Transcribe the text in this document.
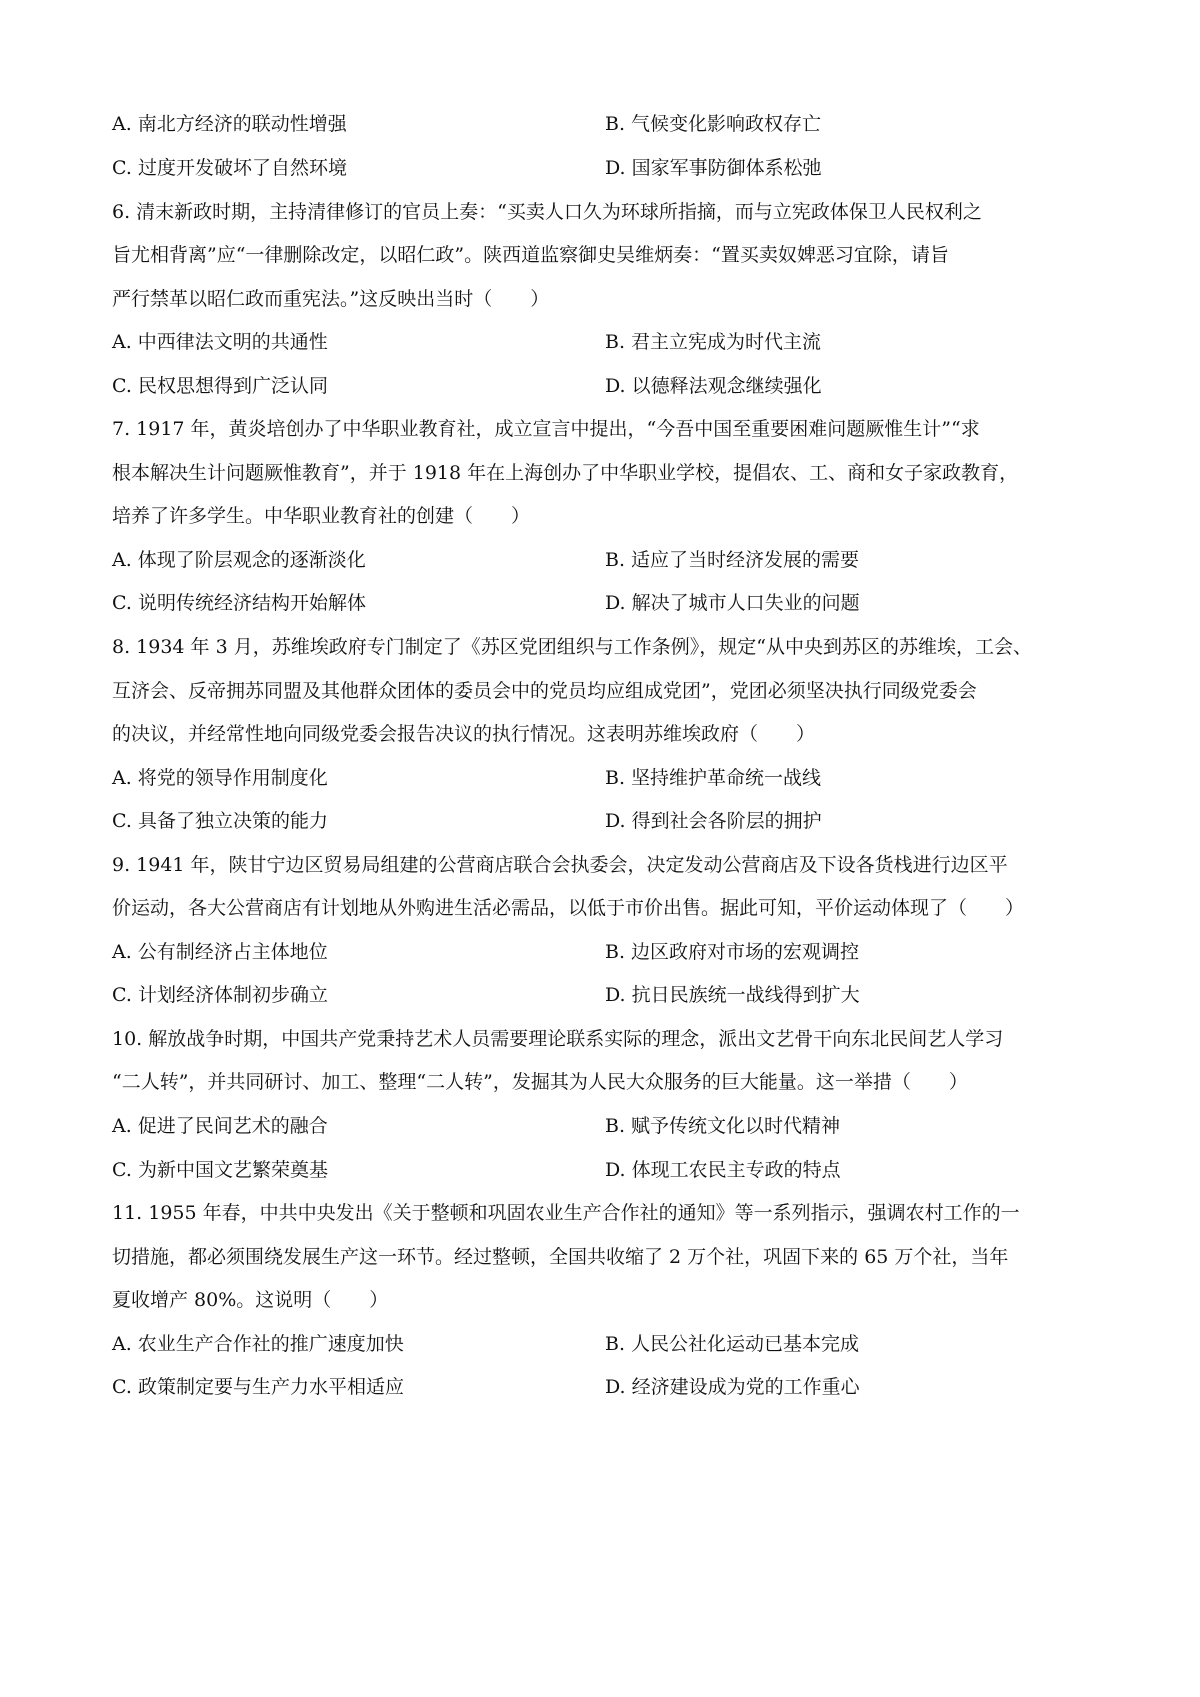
A. 南北方经济的联动性增强	B. 气候变化影响政权存亡
C. 过度开发破坏了自然环境	D. 国家军事防御体系松弛
6. 清末新政时期，主持清律修订的官员上奏：“买卖人口久为环球所指摘，而与立宪政体保卫人民权利之
旨尤相背离”应“一律删除改定，以昭仁政”。陕西道监察御史吴维炳奏：“置买卖奴婢恶习宜除，请旨
严行禁革以昭仁政而重宪法。”这反映出当时（　　）
A. 中西律法文明的共通性	B. 君主立宪成为时代主流
C. 民权思想得到广泛认同	D. 以德释法观念继续强化
7. 1917 年，黄炎培创办了中华职业教育社，成立宣言中提出，“今吾中国至重要困难问题厥惟生计”“求
根本解决生计问题厥惟教育”，并于 1918 年在上海创办了中华职业学校，提倡农、工、商和女子家政教育，
培养了许多学生。中华职业教育社的创建（　　）
A. 体现了阶层观念的逐渐淡化	B. 适应了当时经济发展的需要
C. 说明传统经济结构开始解体	D. 解决了城市人口失业的问题
8. 1934 年 3 月，苏维埃政府专门制定了《苏区党团组织与工作条例》，规定“从中央到苏区的苏维埃，工会、
互济会、反帝拥苏同盟及其他群众团体的委员会中的党员均应组成党团”，党团必须坚决执行同级党委会
的决议，并经常性地向同级党委会报告决议的执行情况。这表明苏维埃政府（　　）
A. 将党的领导作用制度化	B. 坚持维护革命统一战线
C. 具备了独立决策的能力	D. 得到社会各阶层的拥护
9. 1941 年，陕甘宁边区贸易局组建的公营商店联合会执委会，决定发动公营商店及下设各货栈进行边区平
价运动，各大公营商店有计划地从外购进生活必需品，以低于市价出售。据此可知，平价运动体现了（　　）
A. 公有制经济占主体地位	B. 边区政府对市场的宏观调控
C. 计划经济体制初步确立	D. 抗日民族统一战线得到扩大
10. 解放战争时期，中国共产党秉持艺术人员需要理论联系实际的理念，派出文艺骨干向东北民间艺人学习
“二人转”，并共同研讨、加工、整理“二人转”，发掘其为人民大众服务的巨大能量。这一举措（　　）
A. 促进了民间艺术的融合	B. 赋予传统文化以时代精神
C. 为新中国文艺繁荣奠基	D. 体现工农民主专政的特点
11. 1955 年春，中共中央发出《关于整顿和巩固农业生产合作社的通知》等一系列指示，强调农村工作的一
切措施，都必须围绕发展生产这一环节。经过整顿，全国共收缩了 2 万个社，巩固下来的 65 万个社，当年
夏收增产 80%。这说明（　　）
A. 农业生产合作社的推广速度加快	B. 人民公社化运动已基本完成
C. 政策制定要与生产力水平相适应	D. 经济建设成为党的工作重心
